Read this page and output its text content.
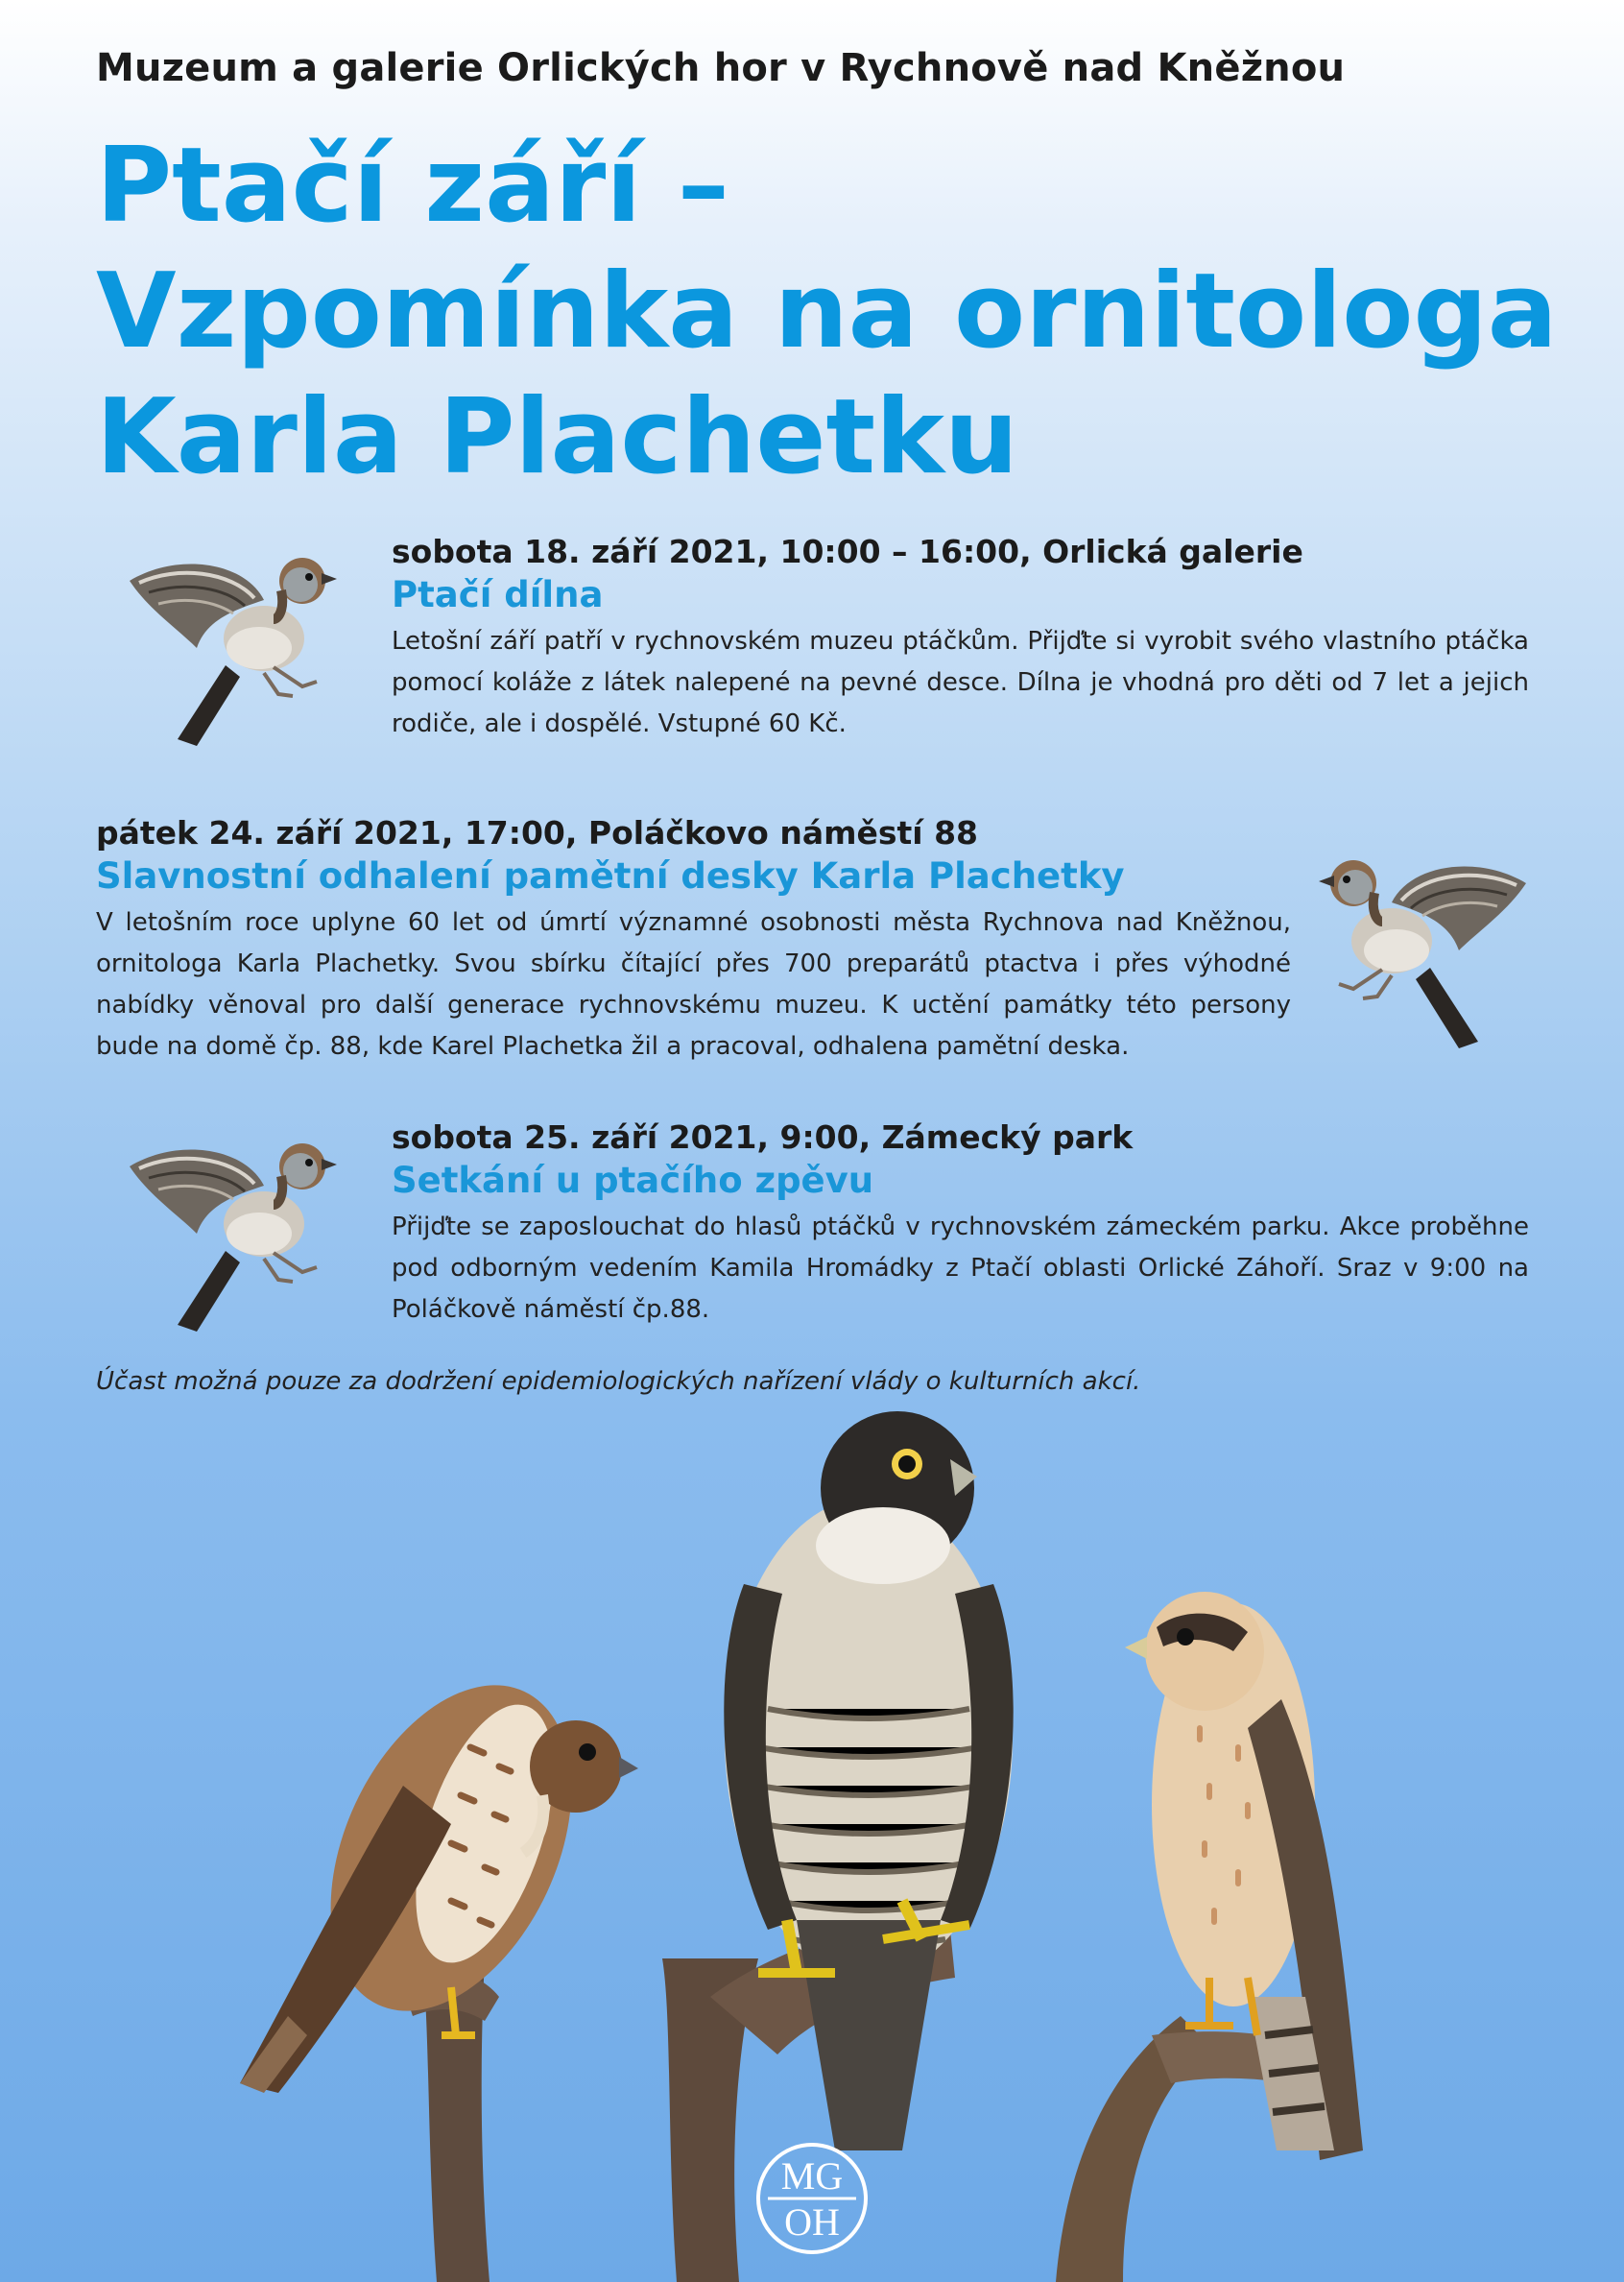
Muzeum a galerie Orlických hor v Rychnově nad Kněžnou
Ptačí září –
Vzpomínka na ornitologa
Karla Plachetku
sobota 18. září 2021, 10:00 – 16:00, Orlická galerie
Ptačí dílna
Letošní září patří v rychnovském muzeu ptáčkům. Přijďte si vyrobit svého vlastního ptáčka pomocí koláže z látek nalepené na pevné desce. Dílna je vhodná pro děti od 7 let a jejich rodiče, ale i dospělé. Vstupné 60 Kč.
pátek 24. září 2021, 17:00, Poláčkovo náměstí 88
Slavnostní odhalení pamětní desky Karla Plachetky
V letošním roce uplyne 60 let od úmrtí významné osobnosti města Rychnova nad Kněžnou, ornitologa Karla Plachetky. Svou sbírku čítající přes 700 preparátů ptactva i přes výhodné nabídky věnoval pro další generace rychnovskému muzeu. K uctění památky této persony bude na domě čp. 88, kde Karel Plachetka žil a pracoval, odhalena pamětní deska.
sobota 25. září 2021, 9:00, Zámecký park
Setkání u ptačího zpěvu
Přijďte se zaposlouchat do hlasů ptáčků v rychnovském zámeckém parku. Akce proběhne pod odborným vedením Kamila Hromádky z Ptačí oblasti Orlické Záhoří. Sraz v 9:00 na Poláčkově náměstí čp.88.
Účast možná pouze za dodržení epidemiologických nařízení vlády o kulturních akcí.
MG
OH
